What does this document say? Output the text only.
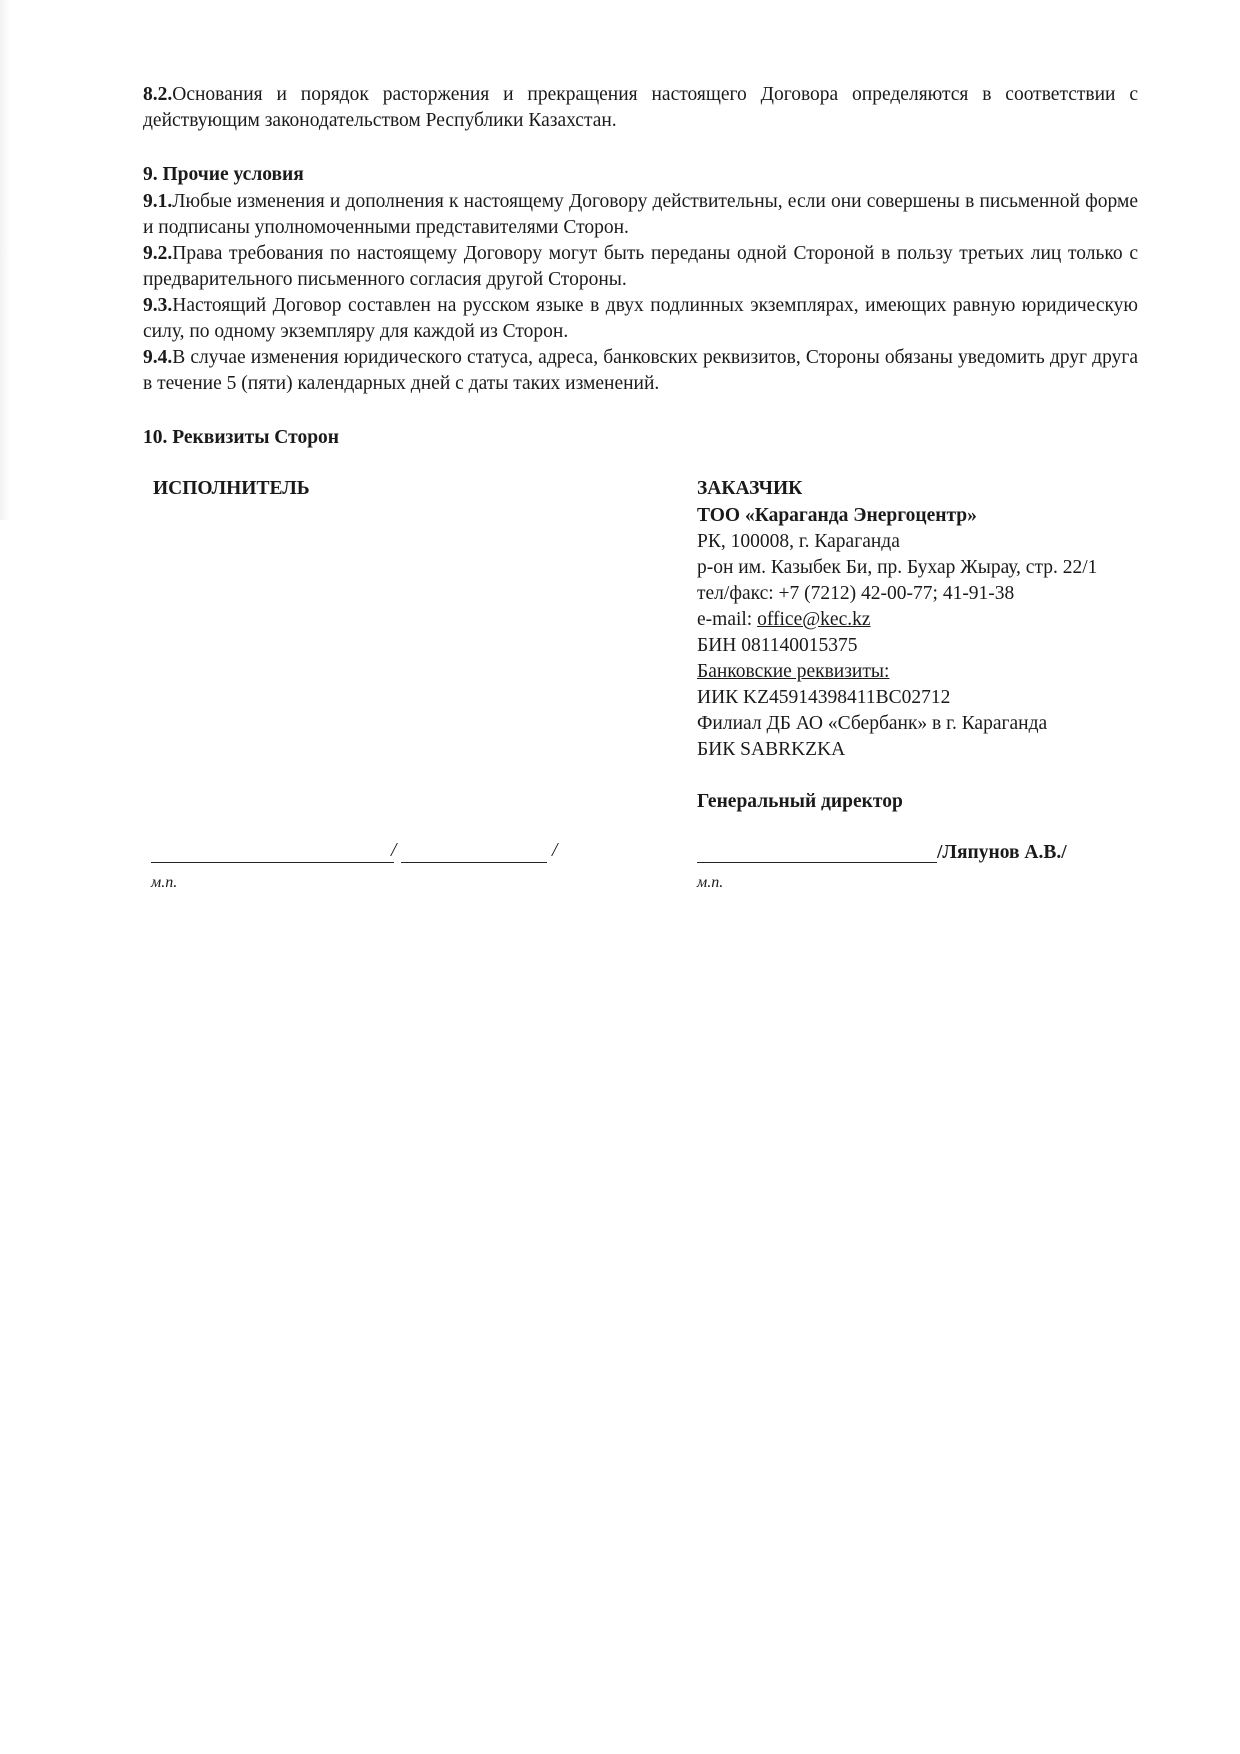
8.2.Основания и порядок расторжения и прекращения настоящего Договора определяются в соответствии с действующим законодательством Республики Казахстан.

9. Прочие условия

9.1.Любые изменения и дополнения к настоящему Договору действительны, если они совершены в письменной форме и подписаны уполномоченными представителями Сторон.

9.2.Права требования по настоящему Договору могут быть переданы одной Стороной в пользу третьих лиц только с предварительного письменного согласия другой Стороны.

9.3.Настоящий Договор составлен на русском языке в двух подлинных экземплярах, имеющих равную юридическую силу, по одному экземпляру для каждой из Сторон.

9.4.В случае изменения юридического статуса, адреса, банковских реквизитов, Стороны обязаны уведомить друг друга в течение 5 (пяти) календарных дней с даты таких изменений.

10. Реквизиты Сторон

ИСПОЛНИТЕЛЬ	ЗАКАЗЧИК

ТОО «Караганда Энергоцентр»
РК, 100008, г. Караганда
р-он им. Казыбек Би, пр. Бухар Жырау, стр. 22/1
тел/факс: +7 (7212) 42-00-77; 41-91-38
e-mail: office@kec.kz
БИН 081140015375
Банковские реквизиты:
ИИК KZ45914398411BC02712
Филиал ДБ АО «Сбербанк» в г. Караганда
БИК SABRKZKA
Генеральный директор
/	/
м.п.
/Ляпунов А.В./
м.п.
